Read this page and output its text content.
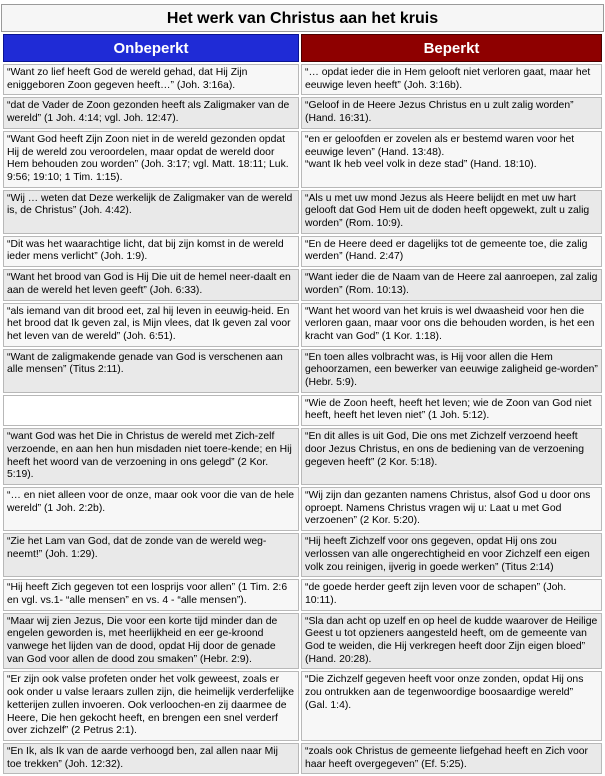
Het werk van Christus aan het kruis
Onbeperkt	Beperkt
“Want zo lief heeft God de wereld gehad, dat Hij Zijn eniggeboren Zoon gegeven heeft…” (Joh. 3:16a).	“… opdat ieder die in Hem gelooft niet verloren gaat, maar het eeuwige leven heeft” (Joh. 3:16b).
“dat de Vader de Zoon gezonden heeft als Zaligmaker van de wereld” (1 Joh. 4:14; vgl. Joh. 12:47).	“Geloof in de Heere Jezus Christus en u zult zalig worden” (Hand. 16:31).
“Want God heeft Zijn Zoon niet in de wereld gezonden opdat Hij de wereld zou veroordelen, maar opdat de wereld door Hem behouden zou worden” (Joh. 3:17; vgl. Matt. 18:11; Luk. 9:56; 19:10; 1 Tim. 1:15).	“en er geloofden er zovelen als er bestemd waren voor het eeuwige leven” (Hand. 13:48).
“want Ik heb veel volk in deze stad” (Hand. 18:10).
“Wij … weten dat Deze werkelijk de Zaligmaker van de wereld is, de Christus” (Joh. 4:42).	“Als u met uw mond Jezus als Heere belijdt en met uw hart gelooft dat God Hem uit de doden heeft opgewekt, zult u zalig worden” (Rom. 10:9).
“Dit was het waarachtige licht, dat bij zijn komst in de wereld ieder mens verlicht” (Joh. 1:9).	“En de Heere deed er dagelijks tot de gemeente toe, die zalig werden” (Hand. 2:47)
“Want het brood van God is Hij Die uit de hemel neer-daalt en aan de wereld het leven geeft” (Joh. 6:33).	“Want ieder die de Naam van de Heere zal aanroepen, zal zalig worden” (Rom. 10:13).
“als iemand van dit brood eet, zal hij leven in eeuwig-heid. En het brood dat Ik geven zal, is Mijn vlees, dat Ik geven zal voor het leven van de wereld” (Joh. 6:51).	“Want het woord van het kruis is wel dwaasheid voor hen die verloren gaan, maar voor ons die behouden worden, is het een kracht van God” (1 Kor. 1:18).
“Want de zaligmakende genade van God is verschenen aan alle mensen” (Titus 2:11).	“En toen alles volbracht was, is Hij voor allen die Hem gehoorzamen, een bewerker van eeuwige zaligheid ge-worden” (Hebr. 5:9).
	“Wie de Zoon heeft, heeft het leven; wie de Zoon van God niet heeft, heeft het leven niet” (1 Joh. 5:12).
“want God was het Die in Christus de wereld met Zich-zelf verzoende, en aan hen hun misdaden niet toere-kende; en Hij heeft het woord van de verzoening in ons gelegd” (2 Kor. 5:19).	“En dit alles is uit God, Die ons met Zichzelf verzoend heeft door Jezus Christus, en ons de bediening van de verzoening gegeven heeft” (2 Kor. 5:18).
“… en niet alleen voor de onze, maar ook voor die van de hele wereld” (1 Joh. 2:2b).	“Wij zijn dan gezanten namens Christus, alsof God u door ons oproept. Namens Christus vragen wij u: Laat u met God verzoenen” (2 Kor. 5:20).
“Zie het Lam van God, dat de zonde van de wereld weg-neemt!” (Joh. 1:29).	“Hij heeft Zichzelf voor ons gegeven, opdat Hij ons zou verlossen van alle ongerechtigheid en voor Zichzelf een eigen volk zou reinigen, ijverig in goede werken” (Titus 2:14)
“Hij heeft Zich gegeven tot een losprijs voor allen” (1 Tim. 2:6 en vgl. vs.1- “alle mensen” en vs. 4 - “alle mensen”).	“de goede herder geeft zijn leven voor de schapen” (Joh. 10:11).
“Maar wij zien Jezus, Die voor een korte tijd minder dan de engelen geworden is, met heerlijkheid en eer ge-kroond vanwege het lijden van de dood, opdat Hij door de genade van God voor allen de dood zou smaken” (Hebr. 2:9).	“Sla dan acht op uzelf en op heel de kudde waarover de Heilige Geest u tot opzieners aangesteld heeft, om de gemeente van God te weiden, die Hij verkregen heeft door Zijn eigen bloed” (Hand. 20:28).
“Er zijn ook valse profeten onder het volk geweest, zoals er ook onder u valse leraars zullen zijn, die heimelijk verderfelijke ketterijen zullen invoeren. Ook verloochen-en zij daarmee de Heere, Die hen gekocht heeft, en brengen een snel verderf over zichzelf” (2 Petrus 2:1).	“Die Zichzelf gegeven heeft voor onze zonden, opdat Hij ons zou ontrukken aan de tegenwoordige boosaardige wereld” (Gal. 1:4).
“En Ik, als Ik van de aarde verhoogd ben, zal allen naar Mij toe trekken” (Joh. 12:32).	“zoals ook Christus de gemeente liefgehad heeft en Zich voor haar heeft overgegeven” (Ef. 5:25).
